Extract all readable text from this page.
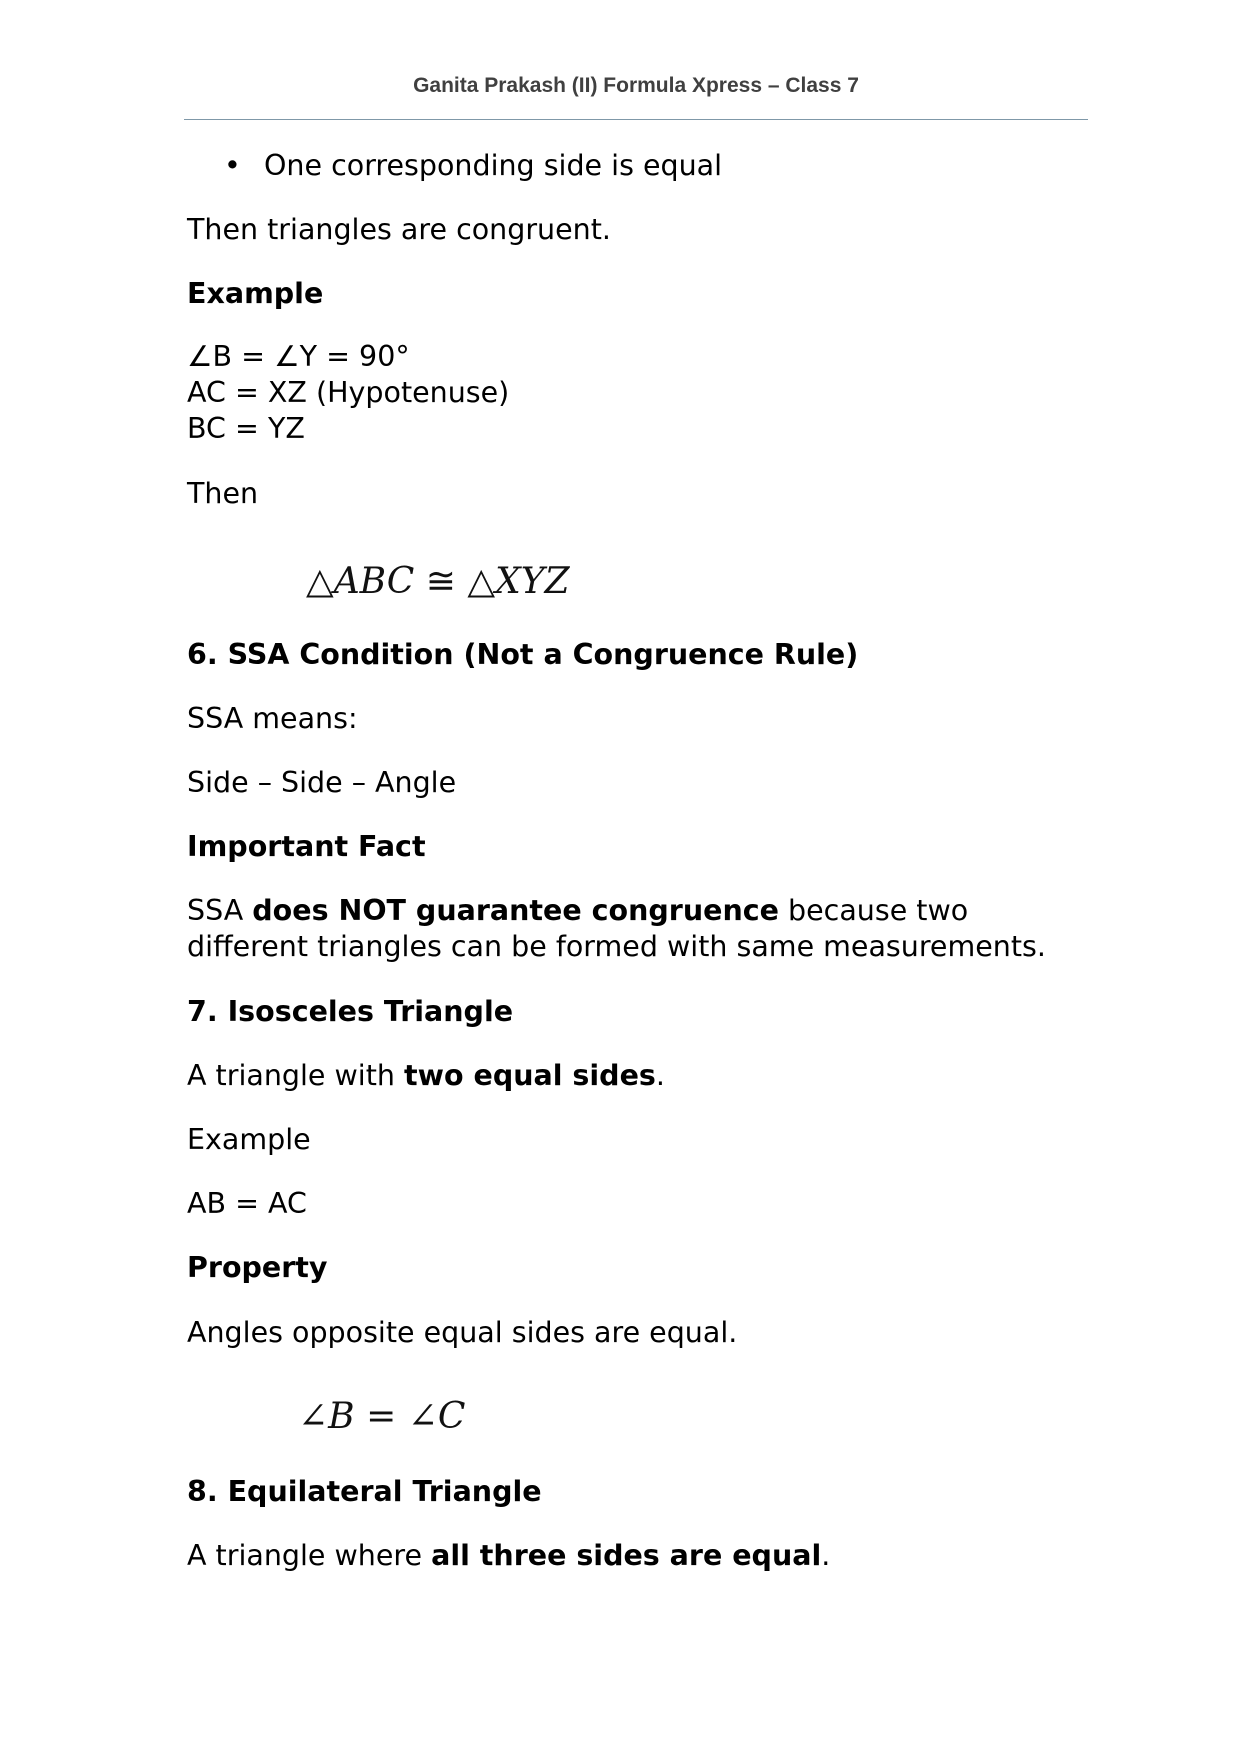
Ganita Prakash (II) Formula Xpress – Class 7
• One corresponding side is equal
Then triangles are congruent.
Example
∠B = ∠Y = 90°
AC = XZ (Hypotenuse)
BC = YZ
Then
△ABC ≅ △XYZ
6. SSA Condition (Not a Congruence Rule)
SSA means:
Side – Side – Angle
Important Fact
SSA does NOT guarantee congruence because two
different triangles can be formed with same measurements.
7. Isosceles Triangle
A triangle with two equal sides.
Example
AB = AC
Property
Angles opposite equal sides are equal.
∠B = ∠C
8. Equilateral Triangle
A triangle where all three sides are equal.
